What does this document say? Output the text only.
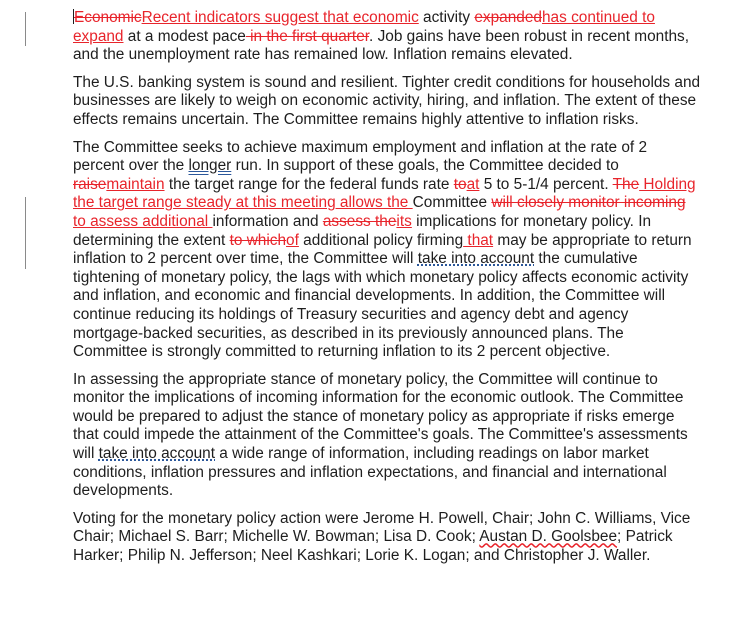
EconomicRecent indicators suggest that economic activity expandedhas continued to expand at a modest pace in the first quarter. Job gains have been robust in recent months, and the unemployment rate has remained low. Inflation remains elevated.

The U.S. banking system is sound and resilient. Tighter credit conditions for households and businesses are likely to weigh on economic activity, hiring, and inflation. The extent of these effects remains uncertain. The Committee remains highly attentive to inflation risks.

The Committee seeks to achieve maximum employment and inflation at the rate of 2 percent over the longer run. In support of these goals, the Committee decided to raisemaintain the target range for the federal funds rate toat 5 to 5-1/4 percent. The Holding the target range steady at this meeting allows the Committee will closely monitor incoming to assess additional information and assess theits implications for monetary policy. In determining the extent to whichof additional policy firming that may be appropriate to return inflation to 2 percent over time, the Committee will take into account the cumulative tightening of monetary policy, the lags with which monetary policy affects economic activity and inflation, and economic and financial developments. In addition, the Committee will continue reducing its holdings of Treasury securities and agency debt and agency mortgage-backed securities, as described in its previously announced plans. The Committee is strongly committed to returning inflation to its 2 percent objective.

In assessing the appropriate stance of monetary policy, the Committee will continue to monitor the implications of incoming information for the economic outlook. The Committee would be prepared to adjust the stance of monetary policy as appropriate if risks emerge that could impede the attainment of the Committee's goals. The Committee's assessments will take into account a wide range of information, including readings on labor market conditions, inflation pressures and inflation expectations, and financial and international developments.

Voting for the monetary policy action were Jerome H. Powell, Chair; John C. Williams, Vice Chair; Michael S. Barr; Michelle W. Bowman; Lisa D. Cook; Austan D. Goolsbee; Patrick Harker; Philip N. Jefferson; Neel Kashkari; Lorie K. Logan; and Christopher J. Waller.
